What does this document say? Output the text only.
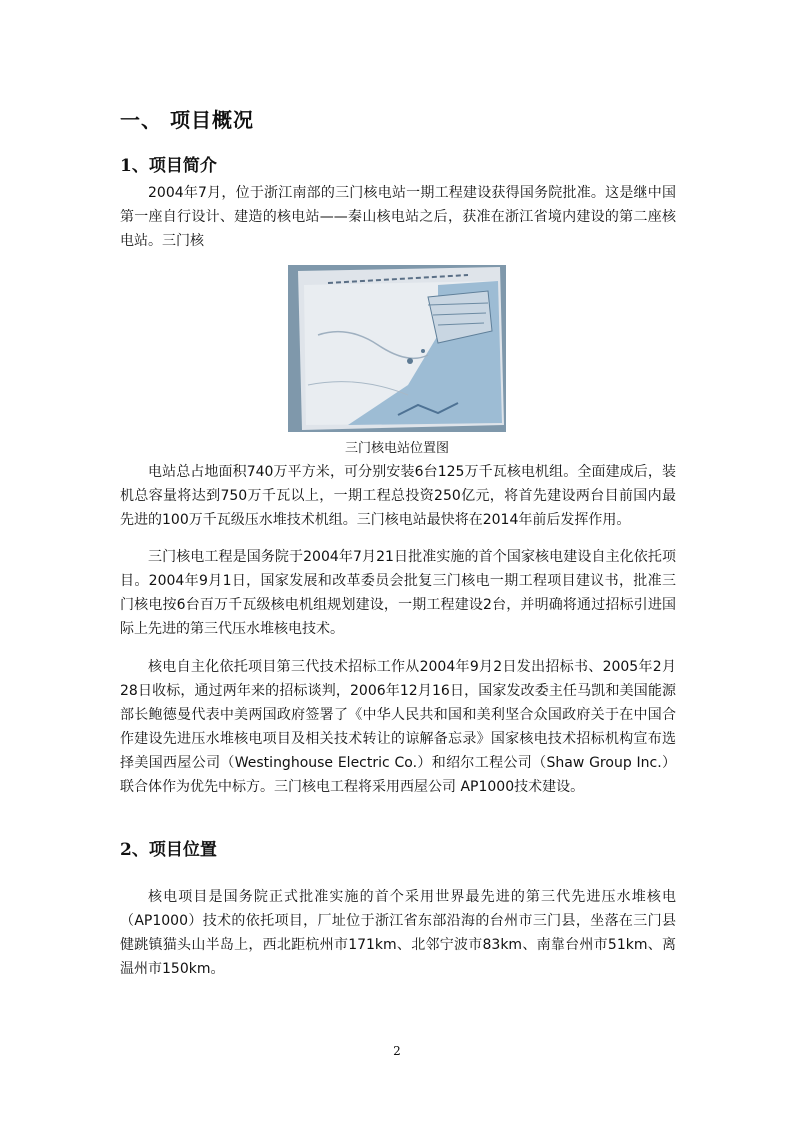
一、 项目概况
1、项目简介

2004年7月，位于浙江南部的三门核电站一期工程建设获得国务院批准。这是继中国第一座自行设计、建造的核电站——秦山核电站之后，获准在浙江省境内建设的第二座核电站。三门核

三门核电站位置图

电站总占地面积740万平方米，可分别安装6台125万千瓦核电机组。全面建成后，装机总容量将达到750万千瓦以上，一期工程总投资250亿元，将首先建设两台目前国内最先进的100万千瓦级压水堆技术机组。三门核电站最快将在2014年前后发挥作用。

三门核电工程是国务院于2004年7月21日批准实施的首个国家核电建设自主化依托项目。2004年9月1日，国家发展和改革委员会批复三门核电一期工程项目建议书，批准三门核电按6台百万千瓦级核电机组规划建设，一期工程建设2台，并明确将通过招标引进国际上先进的第三代压水堆核电技术。

核电自主化依托项目第三代技术招标工作从2004年9月2日发出招标书、2005年2月28日收标，通过两年来的招标谈判，2006年12月16日，国家发改委主任马凯和美国能源部长鲍德曼代表中美两国政府签署了《中华人民共和国和美利坚合众国政府关于在中国合作建设先进压水堆核电项目及相关技术转让的谅解备忘录》国家核电技术招标机构宣布选择美国西屋公司（Westinghouse Electric Co.）和绍尔工程公司（Shaw Group Inc.）联合体作为优先中标方。三门核电工程将采用西屋公司 AP1000技术建设。

2、项目位置

核电项目是国务院正式批准实施的首个采用世界最先进的第三代先进压水堆核电（AP1000）技术的依托项目，厂址位于浙江省东部沿海的台州市三门县，坐落在三门县健跳镇猫头山半岛上，西北距杭州市171km、北邻宁波市83km、南靠台州市51km、离温州市150km。

2
